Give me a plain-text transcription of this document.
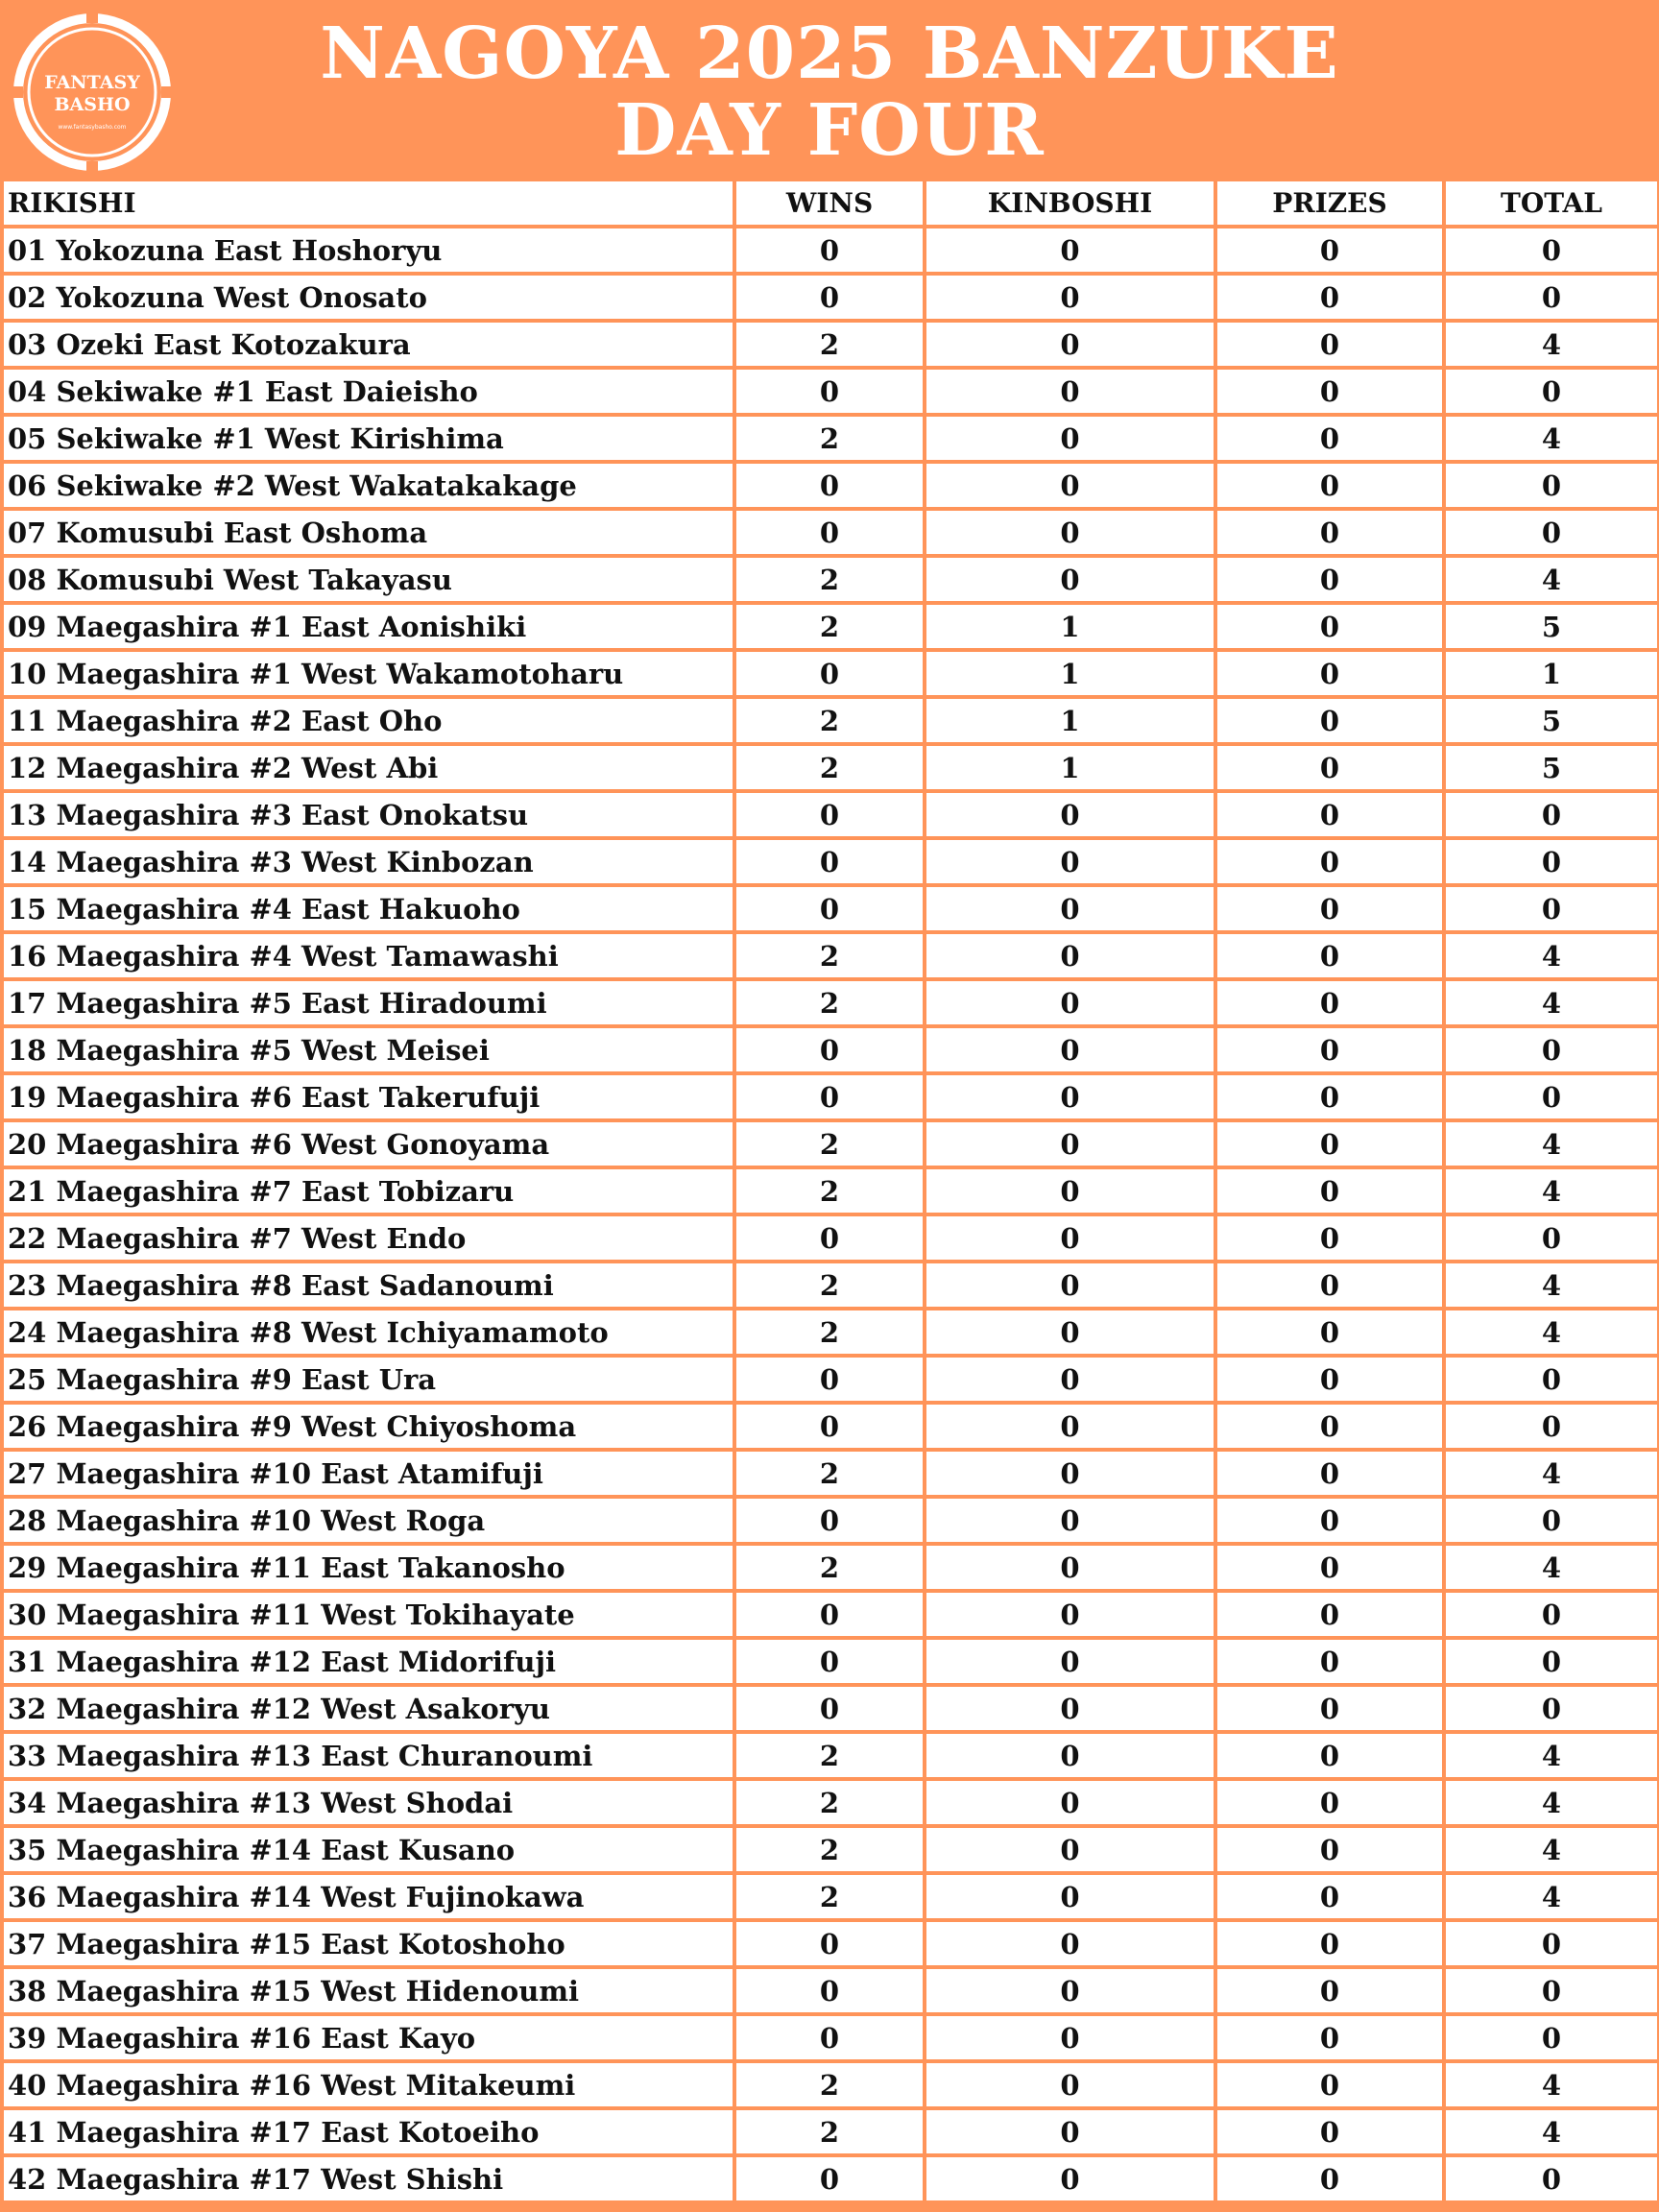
FANTASY
BASHO
www.fantasybasho.com
NAGOYA 2025 BANZUKE
DAY FOUR
RIKISHI	WINS	KINBOSHI	PRIZES	TOTAL
01 Yokozuna East Hoshoryu	0	0	0	0
02 Yokozuna West Onosato	0	0	0	0
03 Ozeki East Kotozakura	2	0	0	4
04 Sekiwake #1 East Daieisho	0	0	0	0
05 Sekiwake #1 West Kirishima	2	0	0	4
06 Sekiwake #2 West Wakatakakage	0	0	0	0
07 Komusubi East Oshoma	0	0	0	0
08 Komusubi West Takayasu	2	0	0	4
09 Maegashira #1 East Aonishiki	2	1	0	5
10 Maegashira #1 West Wakamotoharu	0	1	0	1
11 Maegashira #2 East Oho	2	1	0	5
12 Maegashira #2 West Abi	2	1	0	5
13 Maegashira #3 East Onokatsu	0	0	0	0
14 Maegashira #3 West Kinbozan	0	0	0	0
15 Maegashira #4 East Hakuoho	0	0	0	0
16 Maegashira #4 West Tamawashi	2	0	0	4
17 Maegashira #5 East Hiradoumi	2	0	0	4
18 Maegashira #5 West Meisei	0	0	0	0
19 Maegashira #6 East Takerufuji	0	0	0	0
20 Maegashira #6 West Gonoyama	2	0	0	4
21 Maegashira #7 East Tobizaru	2	0	0	4
22 Maegashira #7 West Endo	0	0	0	0
23 Maegashira #8 East Sadanoumi	2	0	0	4
24 Maegashira #8 West Ichiyamamoto	2	0	0	4
25 Maegashira #9 East Ura	0	0	0	0
26 Maegashira #9 West Chiyoshoma	0	0	0	0
27 Maegashira #10 East Atamifuji	2	0	0	4
28 Maegashira #10 West Roga	0	0	0	0
29 Maegashira #11 East Takanosho	2	0	0	4
30 Maegashira #11 West Tokihayate	0	0	0	0
31 Maegashira #12 East Midorifuji	0	0	0	0
32 Maegashira #12 West Asakoryu	0	0	0	0
33 Maegashira #13 East Churanoumi	2	0	0	4
34 Maegashira #13 West Shodai	2	0	0	4
35 Maegashira #14 East Kusano	2	0	0	4
36 Maegashira #14 West Fujinokawa	2	0	0	4
37 Maegashira #15 East Kotoshoho	0	0	0	0
38 Maegashira #15 West Hidenoumi	0	0	0	0
39 Maegashira #16 East Kayo	0	0	0	0
40 Maegashira #16 West Mitakeumi	2	0	0	4
41 Maegashira #17 East Kotoeiho	2	0	0	4
42 Maegashira #17 West Shishi	0	0	0	0
